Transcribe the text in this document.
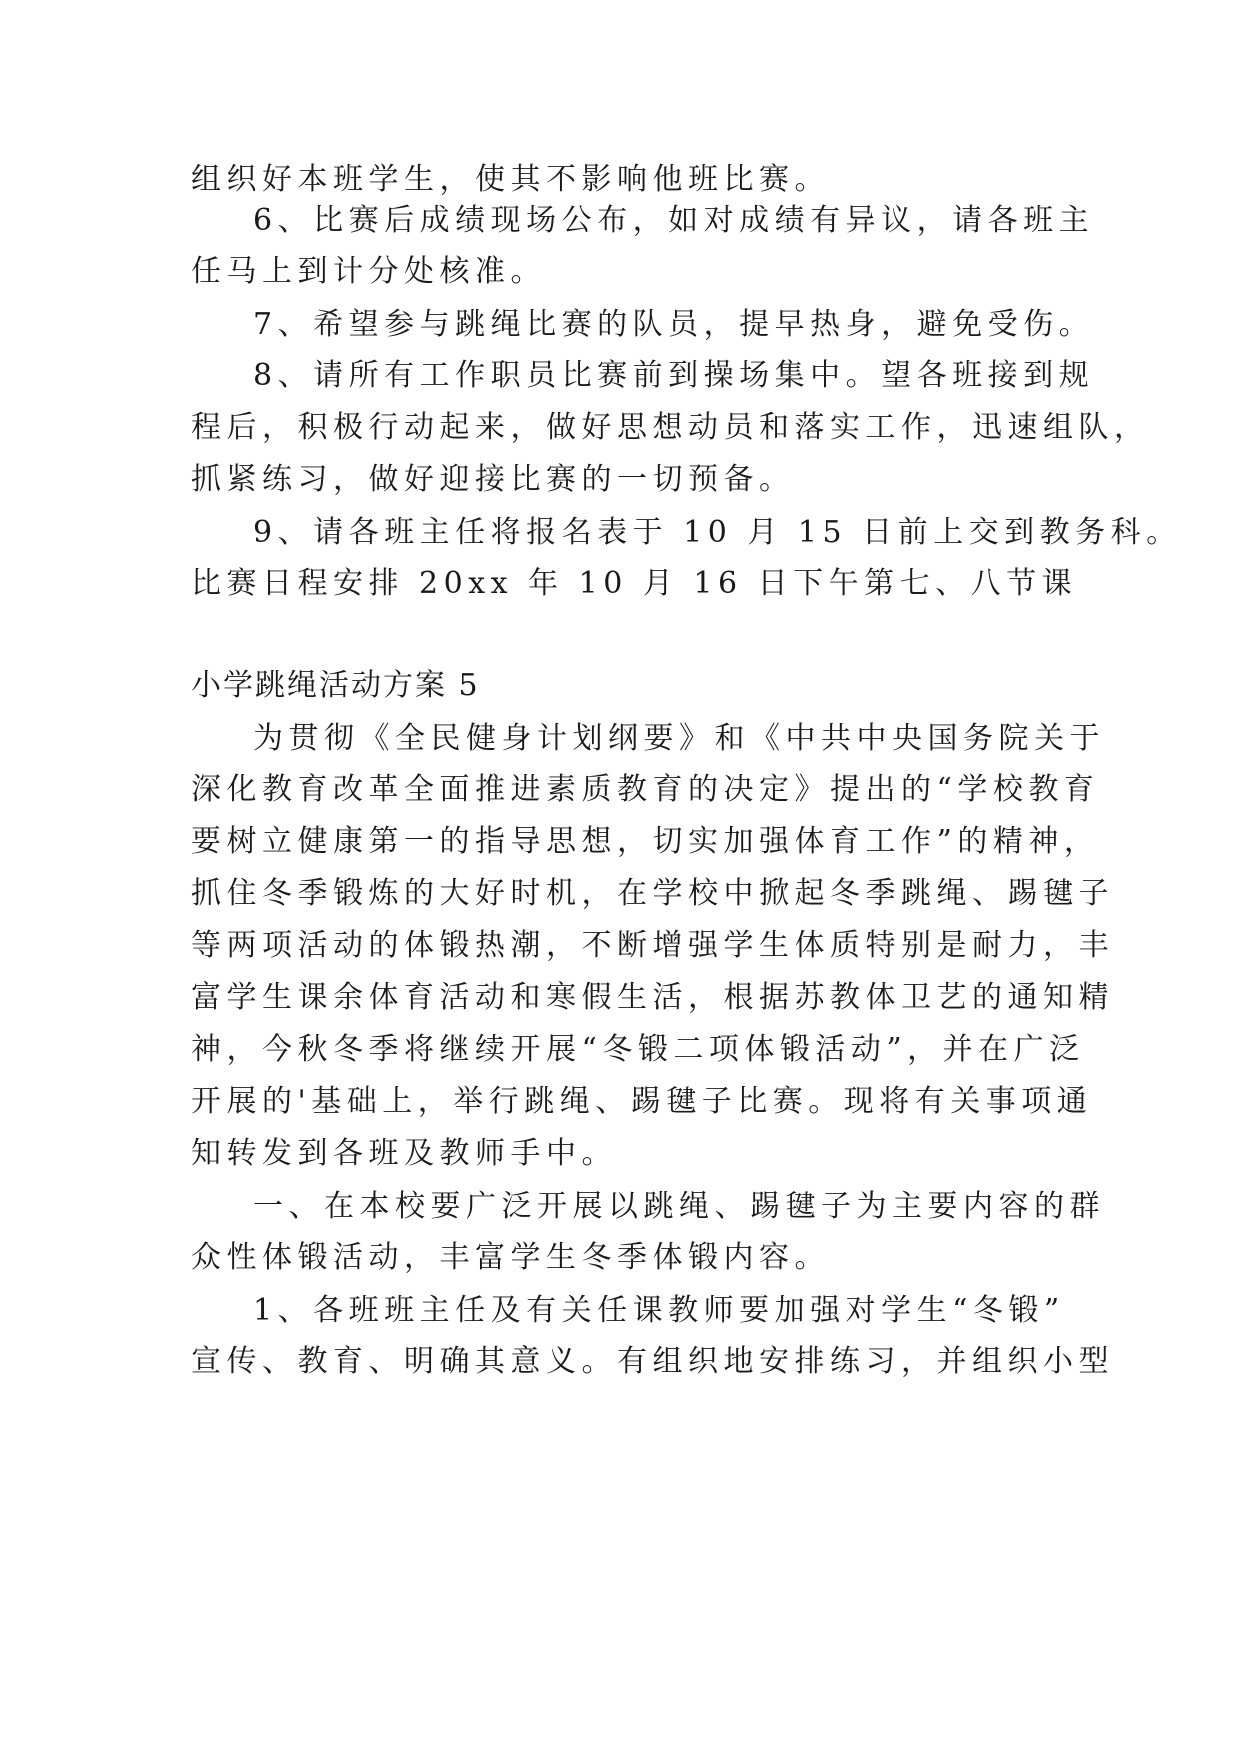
组织好本班学生，使其不影响他班比赛。
6、比赛后成绩现场公布，如对成绩有异议，请各班主
任马上到计分处核准。
7、希望参与跳绳比赛的队员，提早热身，避免受伤。
8、请所有工作职员比赛前到操场集中。望各班接到规
程后，积极行动起来，做好思想动员和落实工作，迅速组队，
抓紧练习，做好迎接比赛的一切预备。
9、请各班主任将报名表于 10 月 15 日前上交到教务科。
比赛日程安排 20xx 年 10 月 16 日下午第七、八节课
小学跳绳活动方案 5
为贯彻《全民健身计划纲要》和《中共中央国务院关于
深化教育改革全面推进素质教育的决定》提出的“学校教育
要树立健康第一的指导思想，切实加强体育工作”的精神，
抓住冬季锻炼的大好时机，在学校中掀起冬季跳绳、踢毽子
等两项活动的体锻热潮，不断增强学生体质特别是耐力，丰
富学生课余体育活动和寒假生活，根据苏教体卫艺的通知精
神，今秋冬季将继续开展“冬锻二项体锻活动”，并在广泛
开展的'基础上，举行跳绳、踢毽子比赛。现将有关事项通
知转发到各班及教师手中。
一、在本校要广泛开展以跳绳、踢毽子为主要内容的群
众性体锻活动，丰富学生冬季体锻内容。
1、各班班主任及有关任课教师要加强对学生“冬锻”
宣传、教育、明确其意义。有组织地安排练习，并组织小型
